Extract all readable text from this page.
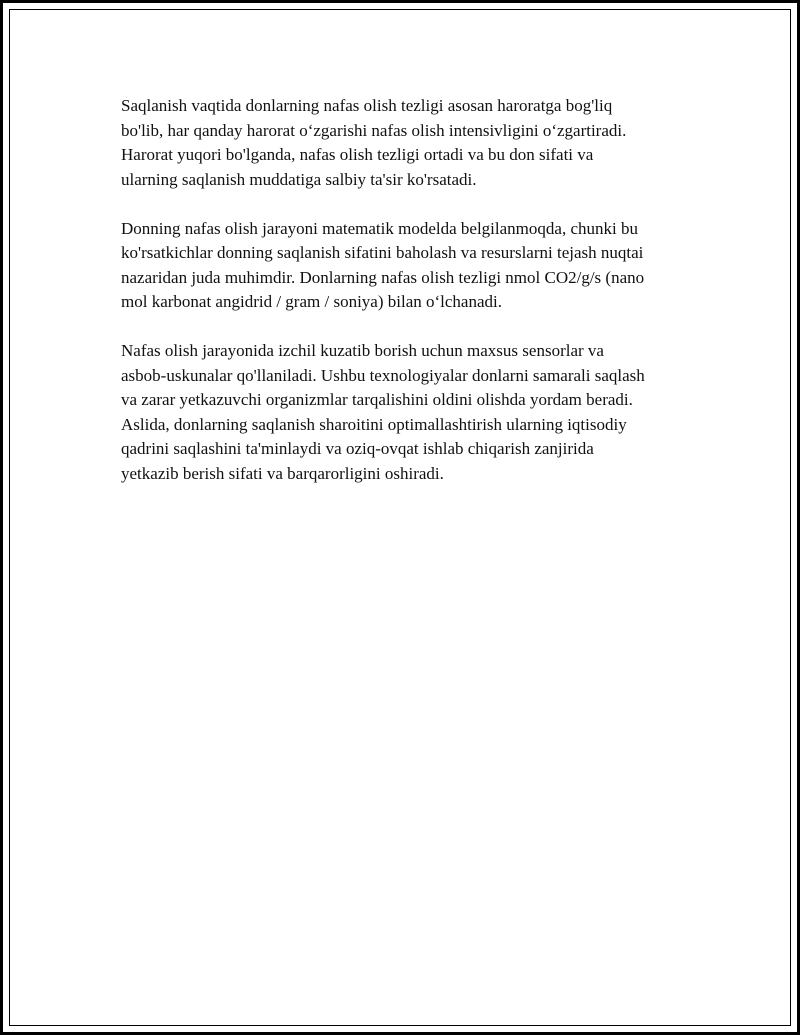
Saqlanish vaqtida donlarning nafas olish tezligi asosan haroratga bog'liq
bo'lib, har qanday harorat o‘zgarishi nafas olish intensivligini o‘zgartiradi.
Harorat yuqori bo'lganda, nafas olish tezligi ortadi va bu don sifati va
ularning saqlanish muddatiga salbiy ta'sir ko'rsatadi.

Donning nafas olish jarayoni matematik modelda belgilanmoqda, chunki bu
ko'rsatkichlar donning saqlanish sifatini baholash va resurslarni tejash nuqtai
nazaridan juda muhimdir. Donlarning nafas olish tezligi nmol CO2/g/s (nano
mol karbonat angidrid / gram / soniya) bilan o‘lchanadi.

Nafas olish jarayonida izchil kuzatib borish uchun maxsus sensorlar va
asbob-uskunalar qo'llaniladi. Ushbu texnologiyalar donlarni samarali saqlash
va zarar yetkazuvchi organizmlar tarqalishini oldini olishda yordam beradi.
Aslida, donlarning saqlanish sharoitini optimallashtirish ularning iqtisodiy
qadrini saqlashini ta'minlaydi va oziq-ovqat ishlab chiqarish zanjirida
yetkazib berish sifati va barqarorligini oshiradi.
